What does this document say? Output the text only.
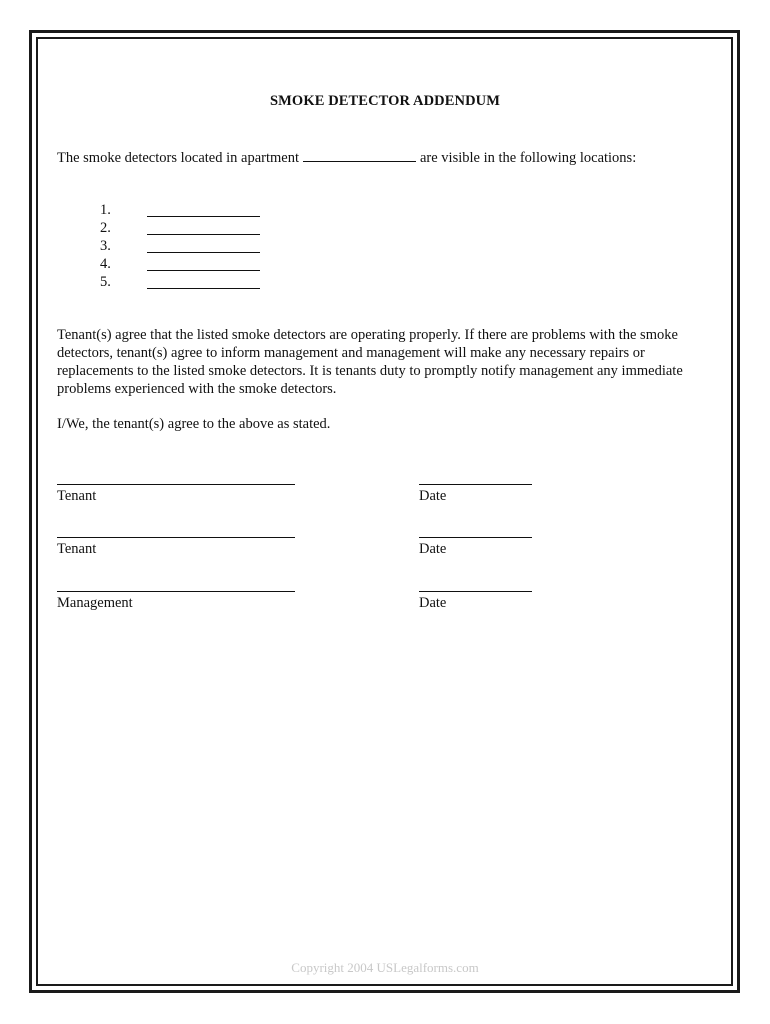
SMOKE DETECTOR ADDENDUM
The smoke detectors located in apartment	are visible in the following locations:
1.
2.
3.
4.
5.
Tenant(s) agree that the listed smoke detectors are operating properly. If there are problems with the smoke
detectors, tenant(s) agree to inform management and management will make any necessary repairs or
replacements to the listed smoke detectors. It is tenants duty to promptly notify management any immediate
problems experienced with the smoke detectors.
I/We, the tenant(s) agree to the above as stated.
Tenant	Date
Tenant	Date
Management	Date
Copyright 2004 USLegalforms.com
